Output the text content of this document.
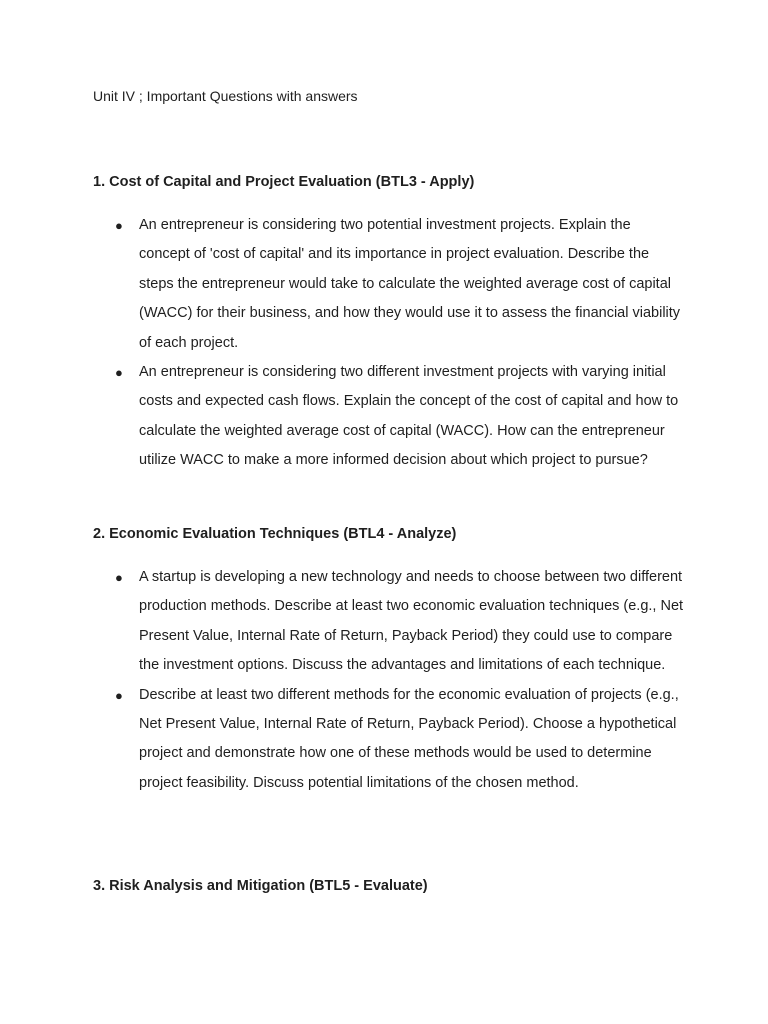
Unit IV ; Important Questions with answers
1. Cost of Capital and Project Evaluation (BTL3 - Apply)
● An entrepreneur is considering two potential investment projects. Explain the concept of 'cost of capital' and its importance in project evaluation. Describe the steps the entrepreneur would take to calculate the weighted average cost of capital (WACC) for their business, and how they would use it to assess the financial viability of each project.
● An entrepreneur is considering two different investment projects with varying initial costs and expected cash flows. Explain the concept of the cost of capital and how to calculate the weighted average cost of capital (WACC). How can the entrepreneur utilize WACC to make a more informed decision about which project to pursue?
2. Economic Evaluation Techniques (BTL4 - Analyze)
● A startup is developing a new technology and needs to choose between two different production methods. Describe at least two economic evaluation techniques (e.g., Net Present Value, Internal Rate of Return, Payback Period) they could use to compare the investment options. Discuss the advantages and limitations of each technique.
● Describe at least two different methods for the economic evaluation of projects (e.g., Net Present Value, Internal Rate of Return, Payback Period). Choose a hypothetical project and demonstrate how one of these methods would be used to determine project feasibility. Discuss potential limitations of the chosen method.
3. Risk Analysis and Mitigation (BTL5 - Evaluate)
